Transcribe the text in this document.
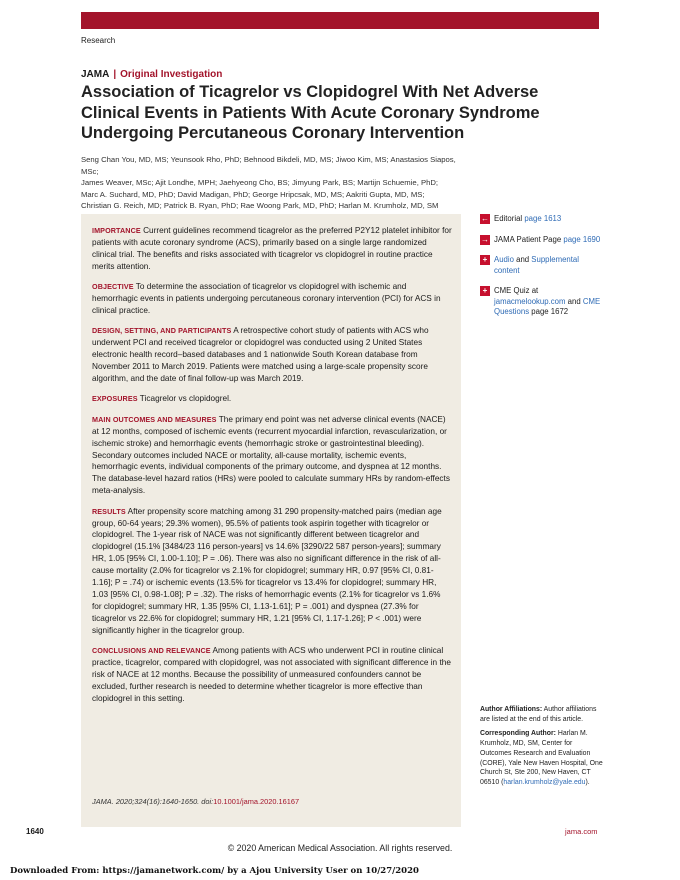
Research
JAMA | Original Investigation
Association of Ticagrelor vs Clopidogrel With Net Adverse Clinical Events in Patients With Acute Coronary Syndrome Undergoing Percutaneous Coronary Intervention
Seng Chan You, MD, MS; Yeunsook Rho, PhD; Behnood Bikdeli, MD, MS; Jiwoo Kim, MS; Anastasios Siapos, MSc;
James Weaver, MSc; Ajit Londhe, MPH; Jaehyeong Cho, BS; Jimyung Park, BS; Martijn Schuemie, PhD;
Marc A. Suchard, MD, PhD; David Madigan, PhD; George Hripcsak, MD, MS; Aakriti Gupta, MD, MS;
Christian G. Reich, MD; Patrick B. Ryan, PhD; Rae Woong Park, MD, PhD; Harlan M. Krumholz, MD, SM

IMPORTANCE Current guidelines recommend ticagrelor as the preferred P2Y12 platelet inhibitor for patients with acute coronary syndrome (ACS), primarily based on a single large randomized clinical trial. The benefits and risks associated with ticagrelor vs clopidogrel in routine practice merits attention.

OBJECTIVE To determine the association of ticagrelor vs clopidogrel with ischemic and hemorrhagic events in patients undergoing percutaneous coronary intervention (PCI) for ACS in clinical practice.

DESIGN, SETTING, AND PARTICIPANTS A retrospective cohort study of patients with ACS who underwent PCI and received ticagrelor or clopidogrel was conducted using 2 United States electronic health record–based databases and 1 nationwide South Korean database from November 2011 to March 2019. Patients were matched using a large-scale propensity score algorithm, and the date of final follow-up was March 2019.

EXPOSURES Ticagrelor vs clopidogrel.

MAIN OUTCOMES AND MEASURES The primary end point was net adverse clinical events (NACE) at 12 months, composed of ischemic events (recurrent myocardial infarction, revascularization, or ischemic stroke) and hemorrhagic events (hemorrhagic stroke or gastrointestinal bleeding). Secondary outcomes included NACE or mortality, all-cause mortality, ischemic events, hemorrhagic events, individual components of the primary outcome, and dyspnea at 12 months. The database-level hazard ratios (HRs) were pooled to calculate summary HRs by random-effects meta-analysis.

RESULTS After propensity score matching among 31 290 propensity-matched pairs (median age group, 60-64 years; 29.3% women), 95.5% of patients took aspirin together with ticagrelor or clopidogrel. The 1-year risk of NACE was not significantly different between ticagrelor and clopidogrel (15.1% [3484/23 116 person-years] vs 14.6% [3290/22 587 person-years]; summary HR, 1.05 [95% CI, 1.00-1.10]; P = .06). There was also no significant difference in the risk of all-cause mortality (2.0% for ticagrelor vs 2.1% for clopidogrel; summary HR, 0.97 [95% CI, 0.81-1.16]; P = .74) or ischemic events (13.5% for ticagrelor vs 13.4% for clopidogrel; summary HR, 1.03 [95% CI, 0.98-1.08]; P = .32). The risks of hemorrhagic events (2.1% for ticagrelor vs 1.6% for clopidogrel; summary HR, 1.35 [95% CI, 1.13-1.61]; P = .001) and dyspnea (27.3% for ticagrelor vs 22.6% for clopidogrel; summary HR, 1.21 [95% CI, 1.17-1.26]; P < .001) were significantly higher in the ticagrelor group.

CONCLUSIONS AND RELEVANCE Among patients with ACS who underwent PCI in routine clinical practice, ticagrelor, compared with clopidogrel, was not associated with significant difference in the risk of NACE at 12 months. Because the possibility of unmeasured confounders cannot be excluded, further research is needed to determine whether ticagrelor is more effective than clopidogrel in this setting.

JAMA. 2020;324(16):1640-1650. doi:10.1001/jama.2020.16167
← Editorial page 1613
→ JAMA Patient Page page 1690
+ Audio and Supplemental content
+ CME Quiz at
jamacmelookup.com and CME Questions page 1672

Author Affiliations: Author affiliations are listed at the end of this article.

Corresponding Author: Harlan M. Krumholz, MD, SM, Center for Outcomes Research and Evaluation (CORE), Yale New Haven Hospital, One Church St, Ste 200, New Haven, CT 06510 (harlan.krumholz@yale.edu).

1640	jama.com
© 2020 American Medical Association. All rights reserved.
Downloaded From: https://jamanetwork.com/ by a Ajou University User on 10/27/2020
